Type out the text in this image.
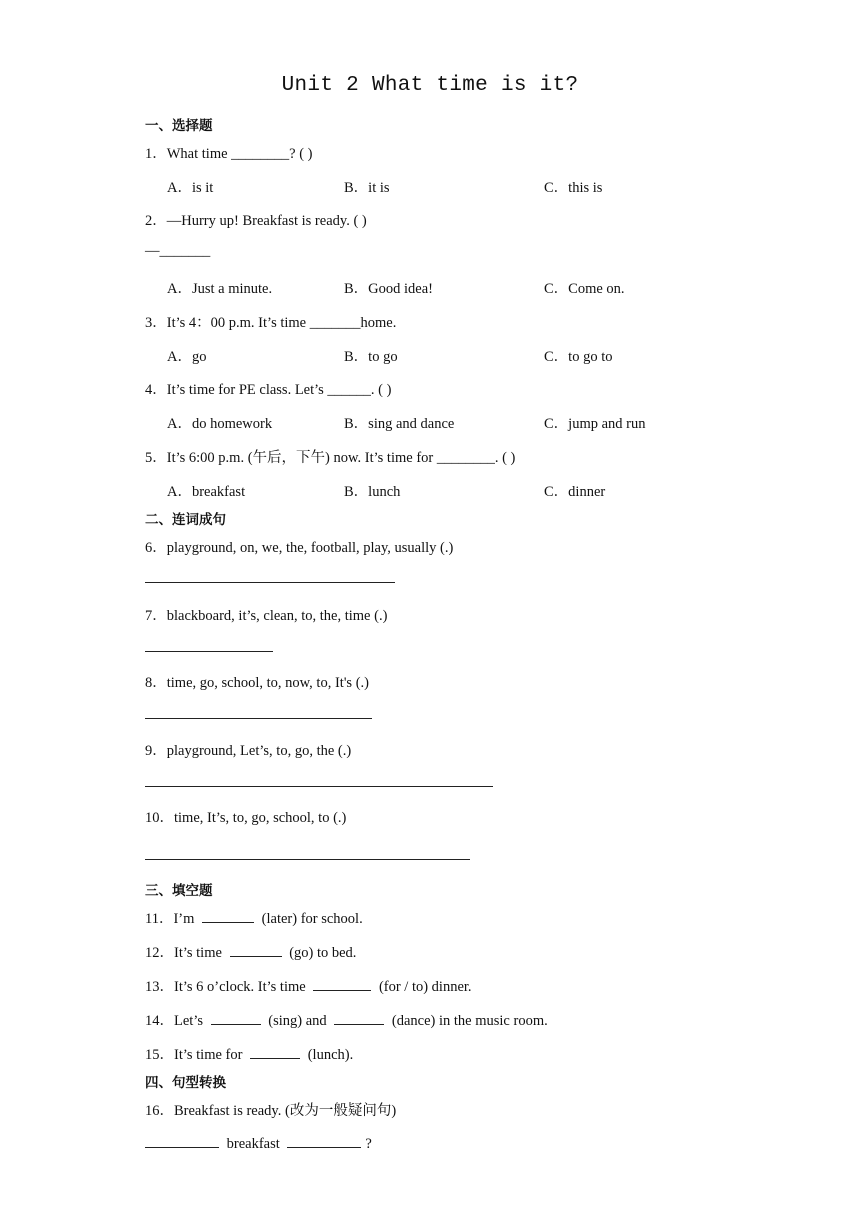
Unit 2 What time is it?
一、选择题
1．What time ________? ( )
A．is it	B．it is	C．this is
2．—Hurry up! Breakfast is ready. ( )
—_______
A．Just a minute.	B．Good idea!	C．Come on.
3．It’s 4：00 p.m. It’s time _______home.
A．go	B．to go	C．to go to
4．It’s time for PE class. Let’s ______. ( )
A．do homework	B．sing and dance	C．jump and run
5．It’s 6:00 p.m. (午后，下午) now. It’s time for ________. ( )
A．breakfast	B．lunch	C．dinner
二、连词成句
6．playground, on, we, the, football, play, usually (.)
7．blackboard, it’s, clean, to, the, time (.)
8．time, go, school, to, now, to, It's (.)
9．playground, Let’s, to, go, the (.)
10．time, It’s, to, go, school, to (.)
三、填空题
11．I’m	(later) for school.
12．It’s time	(go) to bed.
13．It’s 6 o’clock. It’s time	(for / to) dinner.
14．Let’s	(sing) and	(dance) in the music room.
15．It’s time for	(lunch).
四、句型转换
16．Breakfast is ready. (改为一般疑问句)
breakfast	?
